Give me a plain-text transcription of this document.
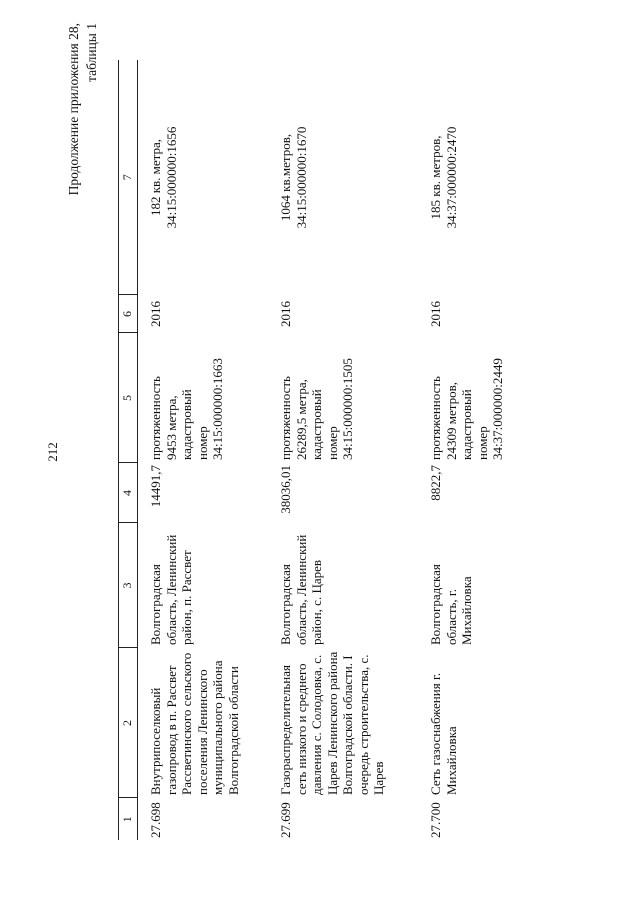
212
Продолжение приложения 28, таблицы 1
1	2	3	4	5	6	7

27.698	Внутрипоселковый газопровод в п. Рассвет Рассветинского сельского поселения Ленинского муниципального района Волгоградской области	Волгоградская область, Ленинский район, п. Рассвет	14491,7	протяженность
9453 метра,
кадастровый
номер
34:15:000000:1663	2016	182 кв. метра,
34:15:000000:1656
27.699	Газораспределительная сеть низкого и среднего давления с. Солодовка, с. Царев Ленинского района Волгоградской области. I очередь строительства, с. Царев	Волгоградская область, Ленинский район, с. Царев	38036,01	протяженность
26289,5 метра,
кадастровый
номер
34:15:000000:1505	2016	1064 кв.метров,
34:15:000000:1670
27.700	Сеть газоснабжения г. Михайловка	Волгоградская область, г. Михайловка	8822,7	протяженность
24309 метров,
кадастровый
номер
34:37:000000:2449	2016	185 кв. метров,
34:37:000000:2470
